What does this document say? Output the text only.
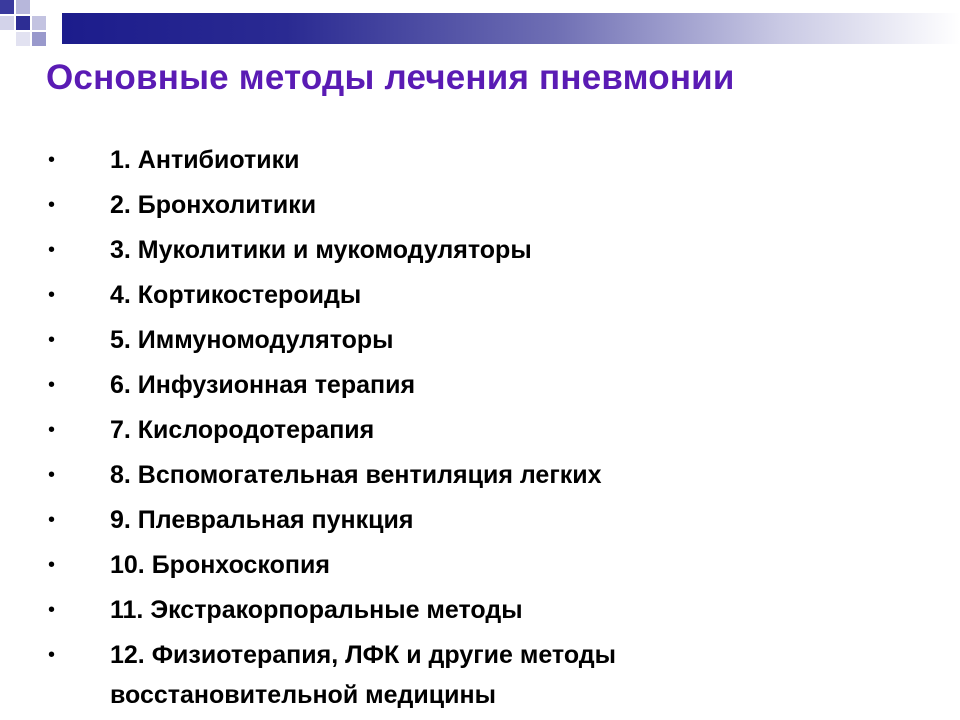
Основные методы лечения пневмонии
•	1. Антибиотики
•	2. Бронхолитики
•	3. Муколитики и мукомодуляторы
•	4. Кортикостероиды
•	5. Иммуномодуляторы
•	6. Инфузионная терапия
•	7. Кислородотерапия
•	8. Вспомогательная вентиляция легких
•	9. Плевральная пункция
•	10. Бронхоскопия
•	11. Экстракорпоральные методы
•	12. Физиотерапия, ЛФК и другие методы
восстановительной медицины
